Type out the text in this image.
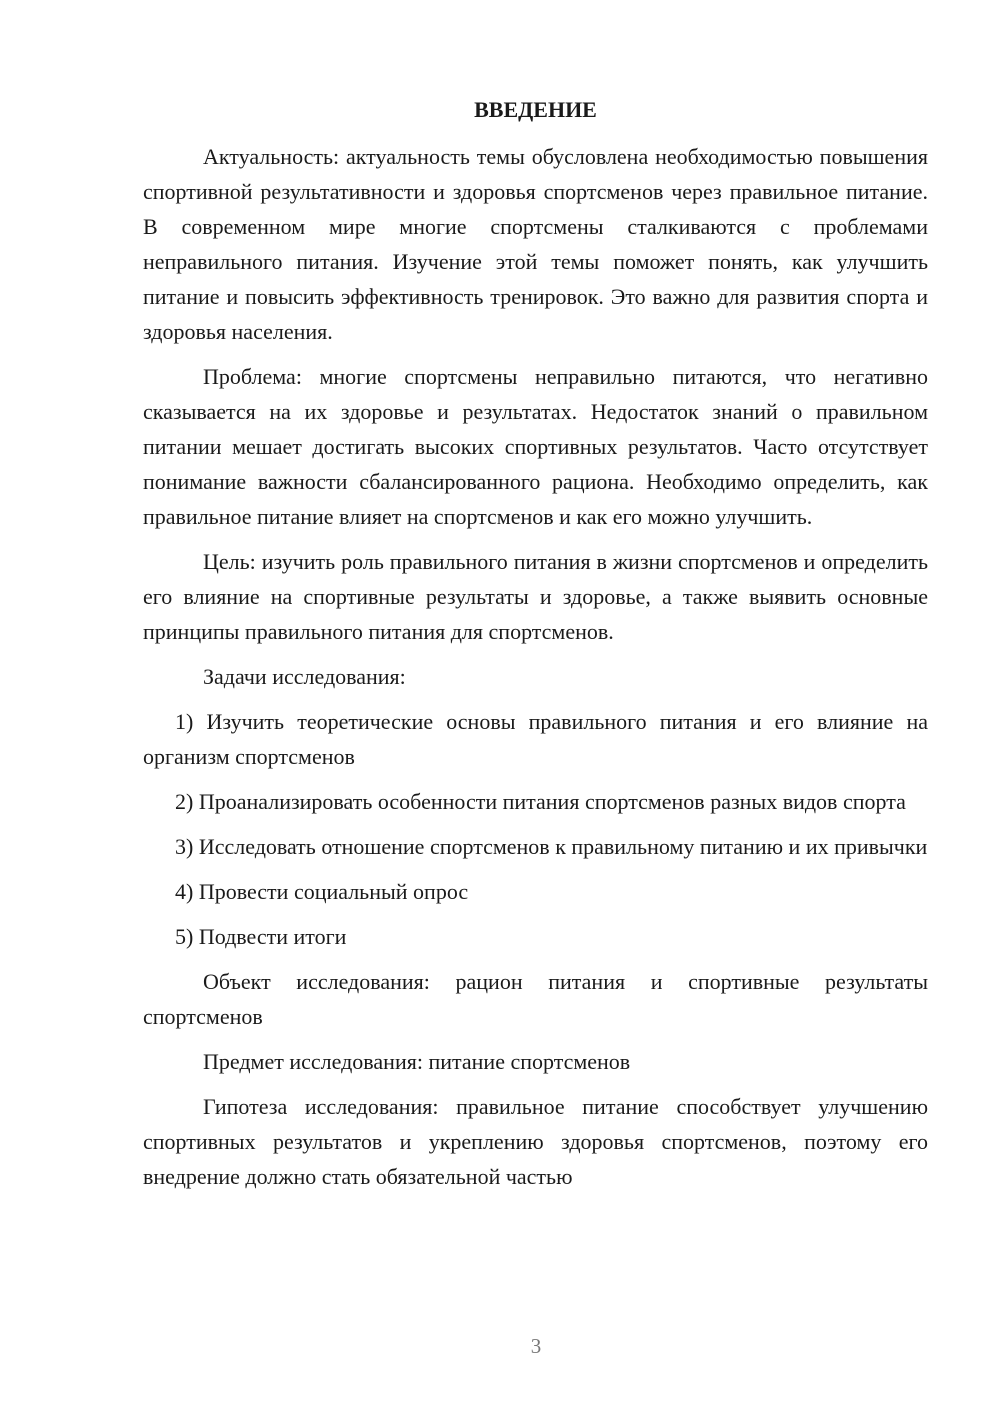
ВВЕДЕНИЕ

Актуальность: актуальность темы обусловлена необходимостью повышения спортивной результативности и здоровья спортсменов через правильное питание. В современном мире многие спортсмены сталкиваются с проблемами неправильного питания. Изучение этой темы поможет понять, как улучшить питание и повысить эффективность тренировок. Это важно для развития спорта и здоровья населения.

Проблема: многие спортсмены неправильно питаются, что негативно сказывается на их здоровье и результатах. Недостаток знаний о правильном питании мешает достигать высоких спортивных результатов. Часто отсутствует понимание важности сбалансированного рациона. Необходимо определить, как правильное питание влияет на спортсменов и как его можно улучшить.

Цель: изучить роль правильного питания в жизни спортсменов и определить его влияние на спортивные результаты и здоровье, а также выявить основные принципы правильного питания для спортсменов.

Задачи исследования:

1) Изучить теоретические основы правильного питания и его влияние на организм спортсменов

2) Проанализировать особенности питания спортсменов разных видов спорта

3) Исследовать отношение спортсменов к правильному питанию и их привычки

4) Провести социальный опрос

5) Подвести итоги

Объект исследования: рацион питания и спортивные результаты спортсменов

Предмет исследования: питание спортсменов

Гипотеза исследования: правильное питание способствует улучшению спортивных результатов и укреплению здоровья спортсменов, поэтому его внедрение должно стать обязательной частью

3
